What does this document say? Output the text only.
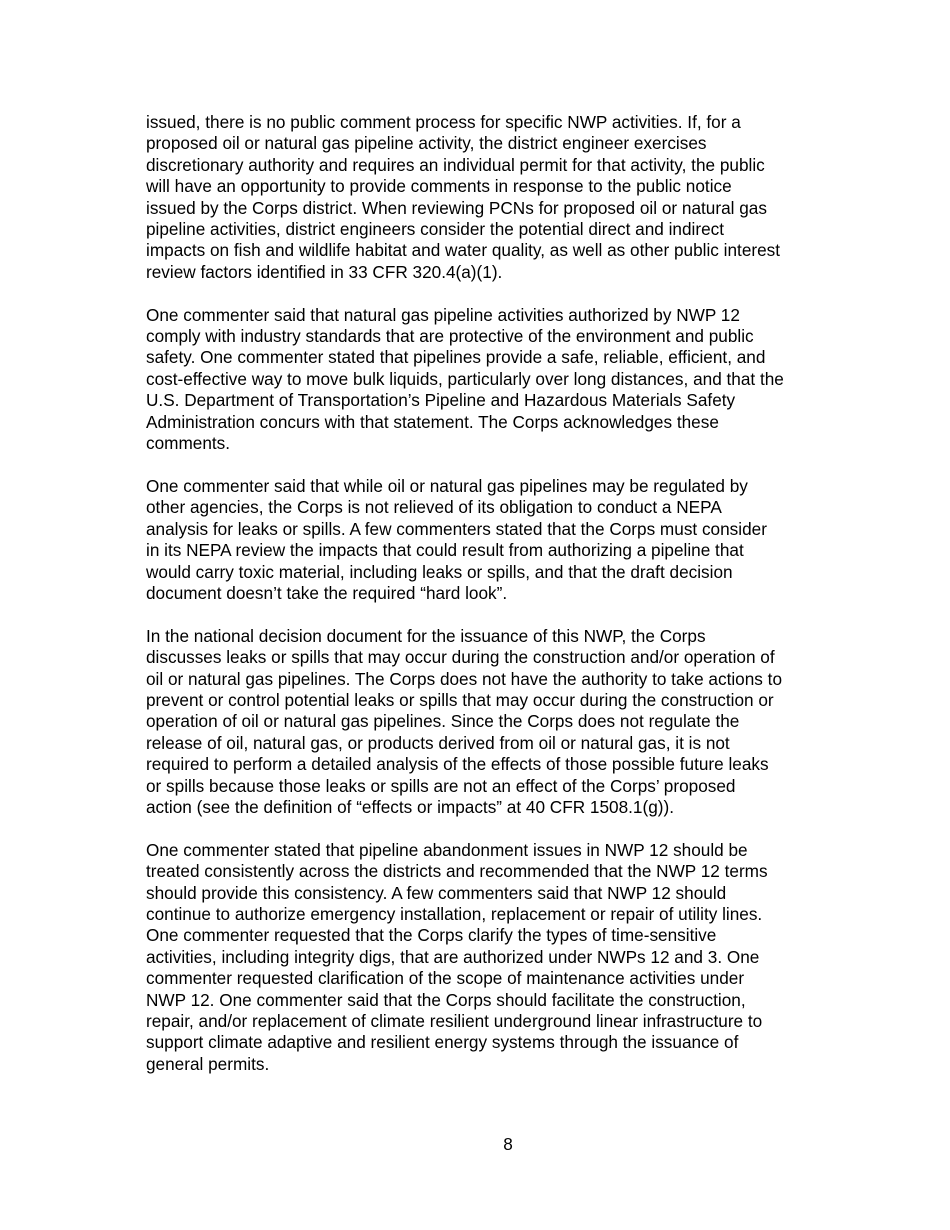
issued, there is no public comment process for specific NWP activities. If, for a
proposed oil or natural gas pipeline activity, the district engineer exercises
discretionary authority and requires an individual permit for that activity, the public
will have an opportunity to provide comments in response to the public notice
issued by the Corps district. When reviewing PCNs for proposed oil or natural gas
pipeline activities, district engineers consider the potential direct and indirect
impacts on fish and wildlife habitat and water quality, as well as other public interest
review factors identified in 33 CFR 320.4(a)(1).

One commenter said that natural gas pipeline activities authorized by NWP 12
comply with industry standards that are protective of the environment and public
safety. One commenter stated that pipelines provide a safe, reliable, efficient, and
cost-effective way to move bulk liquids, particularly over long distances, and that the
U.S. Department of Transportation’s Pipeline and Hazardous Materials Safety
Administration concurs with that statement. The Corps acknowledges these
comments.

One commenter said that while oil or natural gas pipelines may be regulated by
other agencies, the Corps is not relieved of its obligation to conduct a NEPA
analysis for leaks or spills. A few commenters stated that the Corps must consider
in its NEPA review the impacts that could result from authorizing a pipeline that
would carry toxic material, including leaks or spills, and that the draft decision
document doesn’t take the required “hard look”.

In the national decision document for the issuance of this NWP, the Corps
discusses leaks or spills that may occur during the construction and/or operation of
oil or natural gas pipelines. The Corps does not have the authority to take actions to
prevent or control potential leaks or spills that may occur during the construction or
operation of oil or natural gas pipelines. Since the Corps does not regulate the
release of oil, natural gas, or products derived from oil or natural gas, it is not
required to perform a detailed analysis of the effects of those possible future leaks
or spills because those leaks or spills are not an effect of the Corps’ proposed
action (see the definition of “effects or impacts” at 40 CFR 1508.1(g)).

One commenter stated that pipeline abandonment issues in NWP 12 should be
treated consistently across the districts and recommended that the NWP 12 terms
should provide this consistency. A few commenters said that NWP 12 should
continue to authorize emergency installation, replacement or repair of utility lines.
One commenter requested that the Corps clarify the types of time-sensitive
activities, including integrity digs, that are authorized under NWPs 12 and 3. One
commenter requested clarification of the scope of maintenance activities under
NWP 12. One commenter said that the Corps should facilitate the construction,
repair, and/or replacement of climate resilient underground linear infrastructure to
support climate adaptive and resilient energy systems through the issuance of
general permits.

8
